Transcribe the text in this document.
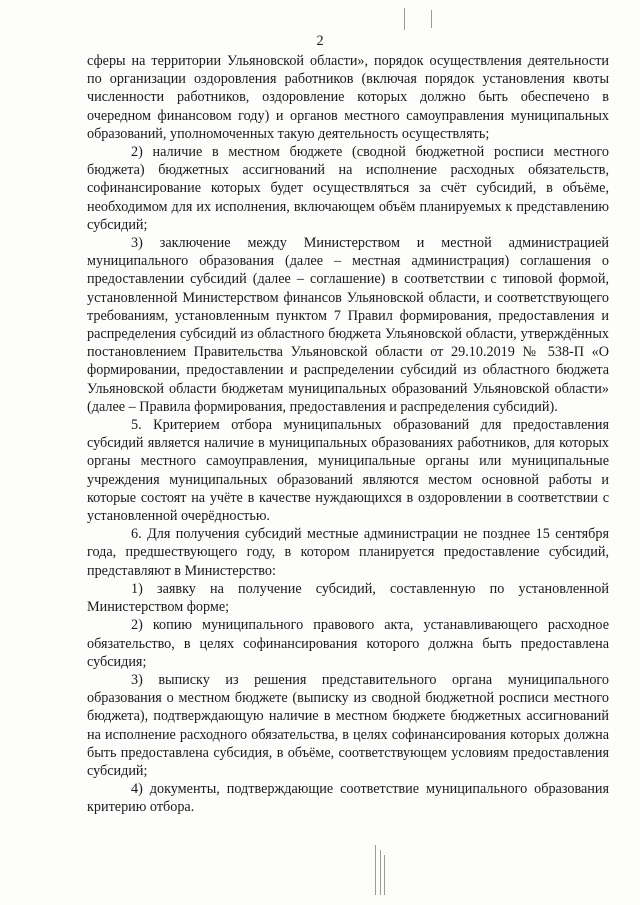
2

сферы на территории Ульяновской области», порядок осуществления деятельности по организации оздоровления работников (включая порядок установления квоты численности работников, оздоровление которых должно быть обеспечено в очередном финансовом году) и органов местного самоуправления муниципальных образований, уполномоченных такую деятельность осуществлять;

2) наличие в местном бюджете (сводной бюджетной росписи местного бюджета) бюджетных ассигнований на исполнение расходных обязательств, софинансирование которых будет осуществляться за счёт субсидий, в объёме, необходимом для их исполнения, включающем объём планируемых к представлению субсидий;

3) заключение между Министерством и местной администрацией муниципального образования (далее – местная администрация) соглашения о предоставлении субсидий (далее – соглашение) в соответствии с типовой формой, установленной Министерством финансов Ульяновской области, и соответствующего требованиям, установленным пунктом 7 Правил формирования, предоставления и распределения субсидий из областного бюджета Ульяновской области, утверждённых постановлением Правительства Ульяновской области от 29.10.2019 № 538-П «О формировании, предоставлении и распределении субсидий из областного бюджета Ульяновской области бюджетам муниципальных образований Ульяновской области» (далее – Правила формирования, предоставления и распределения субсидий).

5. Критерием отбора муниципальных образований для предоставления субсидий является наличие в муниципальных образованиях работников, для которых органы местного самоуправления, муниципальные органы или муниципальные учреждения муниципальных образований являются местом основной работы и которые состоят на учёте в качестве нуждающихся в оздоровлении в соответствии с установленной очерёдностью.

6. Для получения субсидий местные администрации не позднее 15 сентября года, предшествующего году, в котором планируется предоставление субсидий, представляют в Министерство:

1) заявку на получение субсидий, составленную по установленной Министерством форме;

2) копию муниципального правового акта, устанавливающего расходное обязательство, в целях софинансирования которого должна быть предоставлена субсидия;

3) выписку из решения представительного органа муниципального образования о местном бюджете (выписку из сводной бюджетной росписи местного бюджета), подтверждающую наличие в местном бюджете бюджетных ассигнований на исполнение расходного обязательства, в целях софинансирования которых должна быть предоставлена субсидия, в объёме, соответствующем условиям предоставления субсидий;

4) документы, подтверждающие соответствие муниципального образования критерию отбора.
